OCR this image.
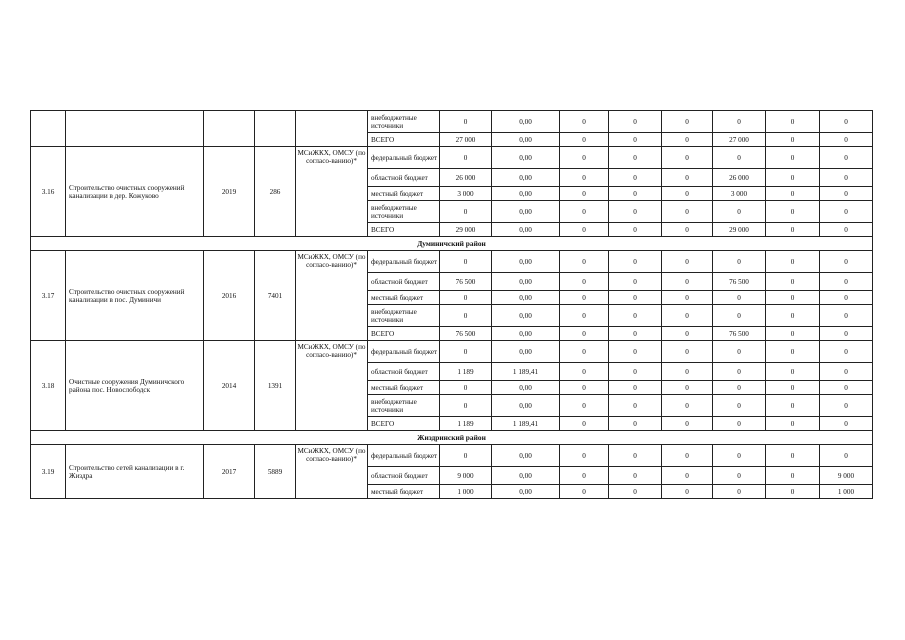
					внебюджетные источники	0	0,00	0	0	0	0	0	0
					ВСЕГО	27 000	0,00	0	0	0	27 000	0	0
3.16	Строительство очистных сооружений канализации в дер. Кожуково	2019	286	МСиЖКХ, ОМСУ (по согласо-ванию)*	федеральный бюджет	0	0,00	0	0	0	0	0	0
					областной бюджет	26 000	0,00	0	0	0	26 000	0	0
					местный бюджет	3 000	0,00	0	0	0	3 000	0	0
					внебюджетные источники	0	0,00	0	0	0	0	0	0
					ВСЕГО	29 000	0,00	0	0	0	29 000	0	0
Думиничский район													
3.17	Строительство очистных сооружений канализации в пос. Думиничи	2016	7401	МСиЖКХ, ОМСУ (по согласо-ванию)*	федеральный бюджет	0	0,00	0	0	0	0	0	0
					областной бюджет	76 500	0,00	0	0	0	76 500	0	0
					местный бюджет	0	0,00	0	0	0	0	0	0
					внебюджетные источники	0	0,00	0	0	0	0	0	0
					ВСЕГО	76 500	0,00	0	0	0	76 500	0	0
3.18	Очистные сооружения Думиничского района пос. Новослободск	2014	1391	МСиЖКХ, ОМСУ (по согласо-ванию)*	федеральный бюджет	0	0,00	0	0	0	0	0	0
					областной бюджет	1 189	1 189,41	0	0	0	0	0	0
					местный бюджет	0	0,00	0	0	0	0	0	0
					внебюджетные источники	0	0,00	0	0	0	0	0	0
					ВСЕГО	1 189	1 189,41	0	0	0	0	0	0
Жиздринский район													
3.19	Строительство сетей канализации в г. Жиздра	2017	5889	МСиЖКХ, ОМСУ (по согласо-ванию)*	федеральный бюджет	0	0,00	0	0	0	0	0	0
					областной бюджет	9 000	0,00	0	0	0	0	0	9 000
					местный бюджет	1 000	0,00	0	0	0	0	0	1 000
